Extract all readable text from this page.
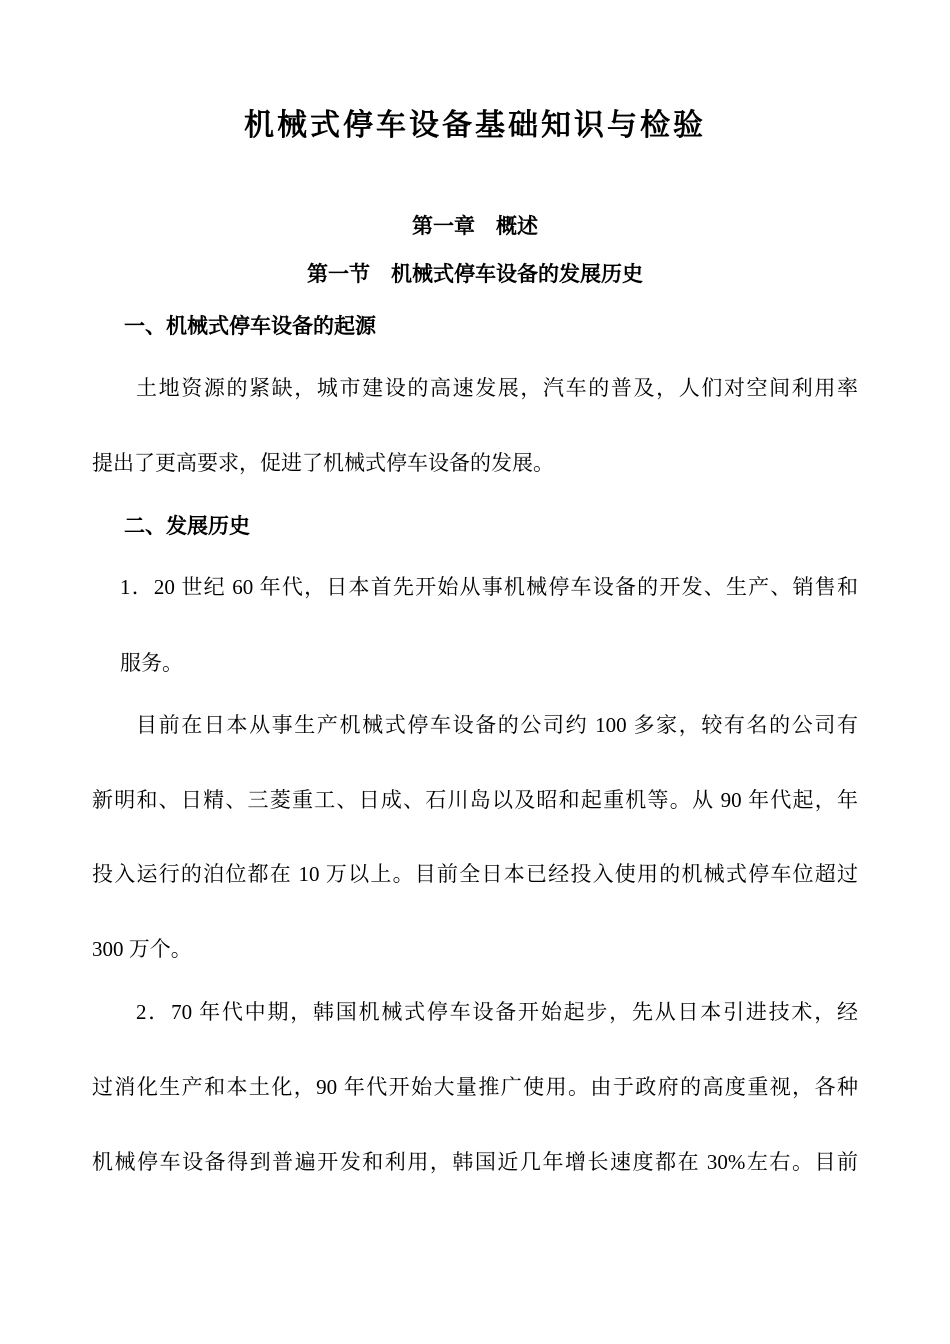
机械式停车设备基础知识与检验
第一章　概述
第一节　机械式停车设备的发展历史
一、机械式停车设备的起源
土地资源的紧缺，城市建设的高速发展，汽车的普及，人们对空间利用率
提出了更高要求，促进了机械式停车设备的发展。
二、发展历史
1．20 世纪 60 年代，日本首先开始从事机械停车设备的开发、生产、销售和
服务。
目前在日本从事生产机械式停车设备的公司约 100 多家，较有名的公司有
新明和、日精、三菱重工、日成、石川岛以及昭和起重机等。从 90 年代起，年
投入运行的泊位都在 10 万以上。目前全日本已经投入使用的机械式停车位超过
300 万个。
2．70 年代中期，韩国机械式停车设备开始起步，先从日本引进技术，经
过消化生产和本土化，90 年代开始大量推广使用。由于政府的高度重视，各种
机械停车设备得到普遍开发和利用，韩国近几年增长速度都在 30%左右。目前
